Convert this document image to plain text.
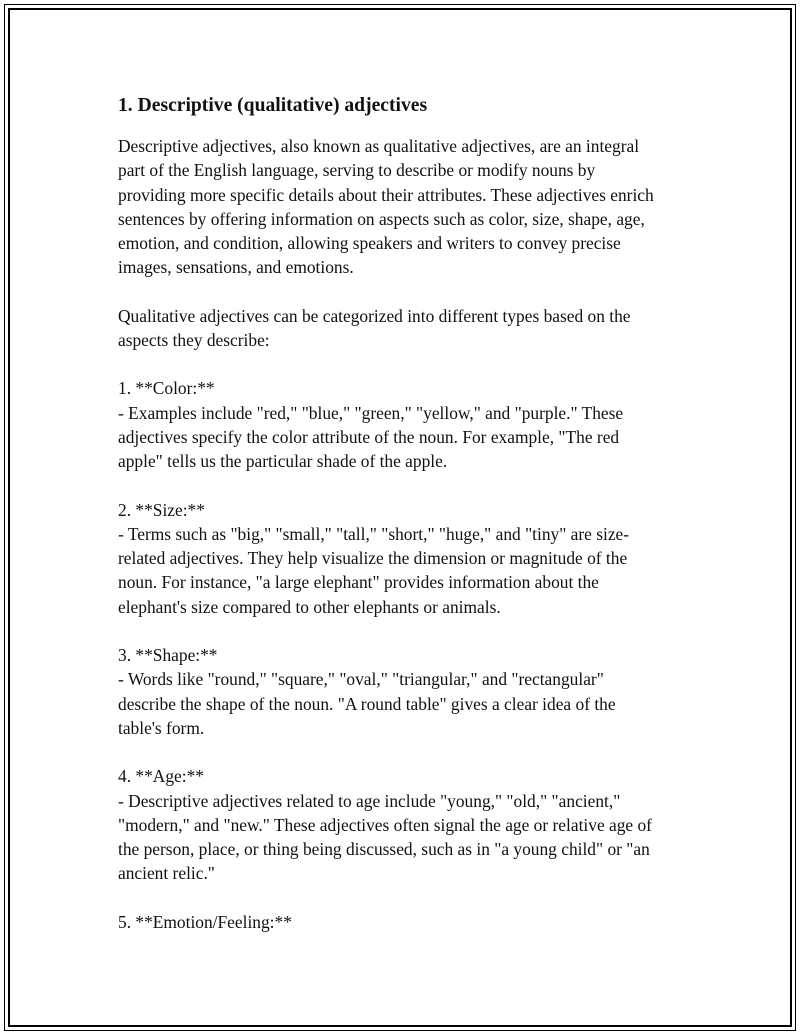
1. Descriptive (qualitative) adjectives

Descriptive adjectives, also known as qualitative adjectives, are an integral
part of the English language, serving to describe or modify nouns by
providing more specific details about their attributes. These adjectives enrich
sentences by offering information on aspects such as color, size, shape, age,
emotion, and condition, allowing speakers and writers to convey precise
images, sensations, and emotions.

Qualitative adjectives can be categorized into different types based on the
aspects they describe:

1. **Color:**
- Examples include "red," "blue," "green," "yellow," and "purple." These
adjectives specify the color attribute of the noun. For example, "The red
apple" tells us the particular shade of the apple.
2. **Size:**
- Terms such as "big," "small," "tall," "short," "huge," and "tiny" are size-
related adjectives. They help visualize the dimension or magnitude of the
noun. For instance, "a large elephant" provides information about the
elephant's size compared to other elephants or animals.
3. **Shape:**
- Words like "round," "square," "oval," "triangular," and "rectangular"
describe the shape of the noun. "A round table" gives a clear idea of the
table's form.
4. **Age:**
- Descriptive adjectives related to age include "young," "old," "ancient,"
"modern," and "new." These adjectives often signal the age or relative age of
the person, place, or thing being discussed, such as in "a young child" or "an
ancient relic."
5. **Emotion/Feeling:**
